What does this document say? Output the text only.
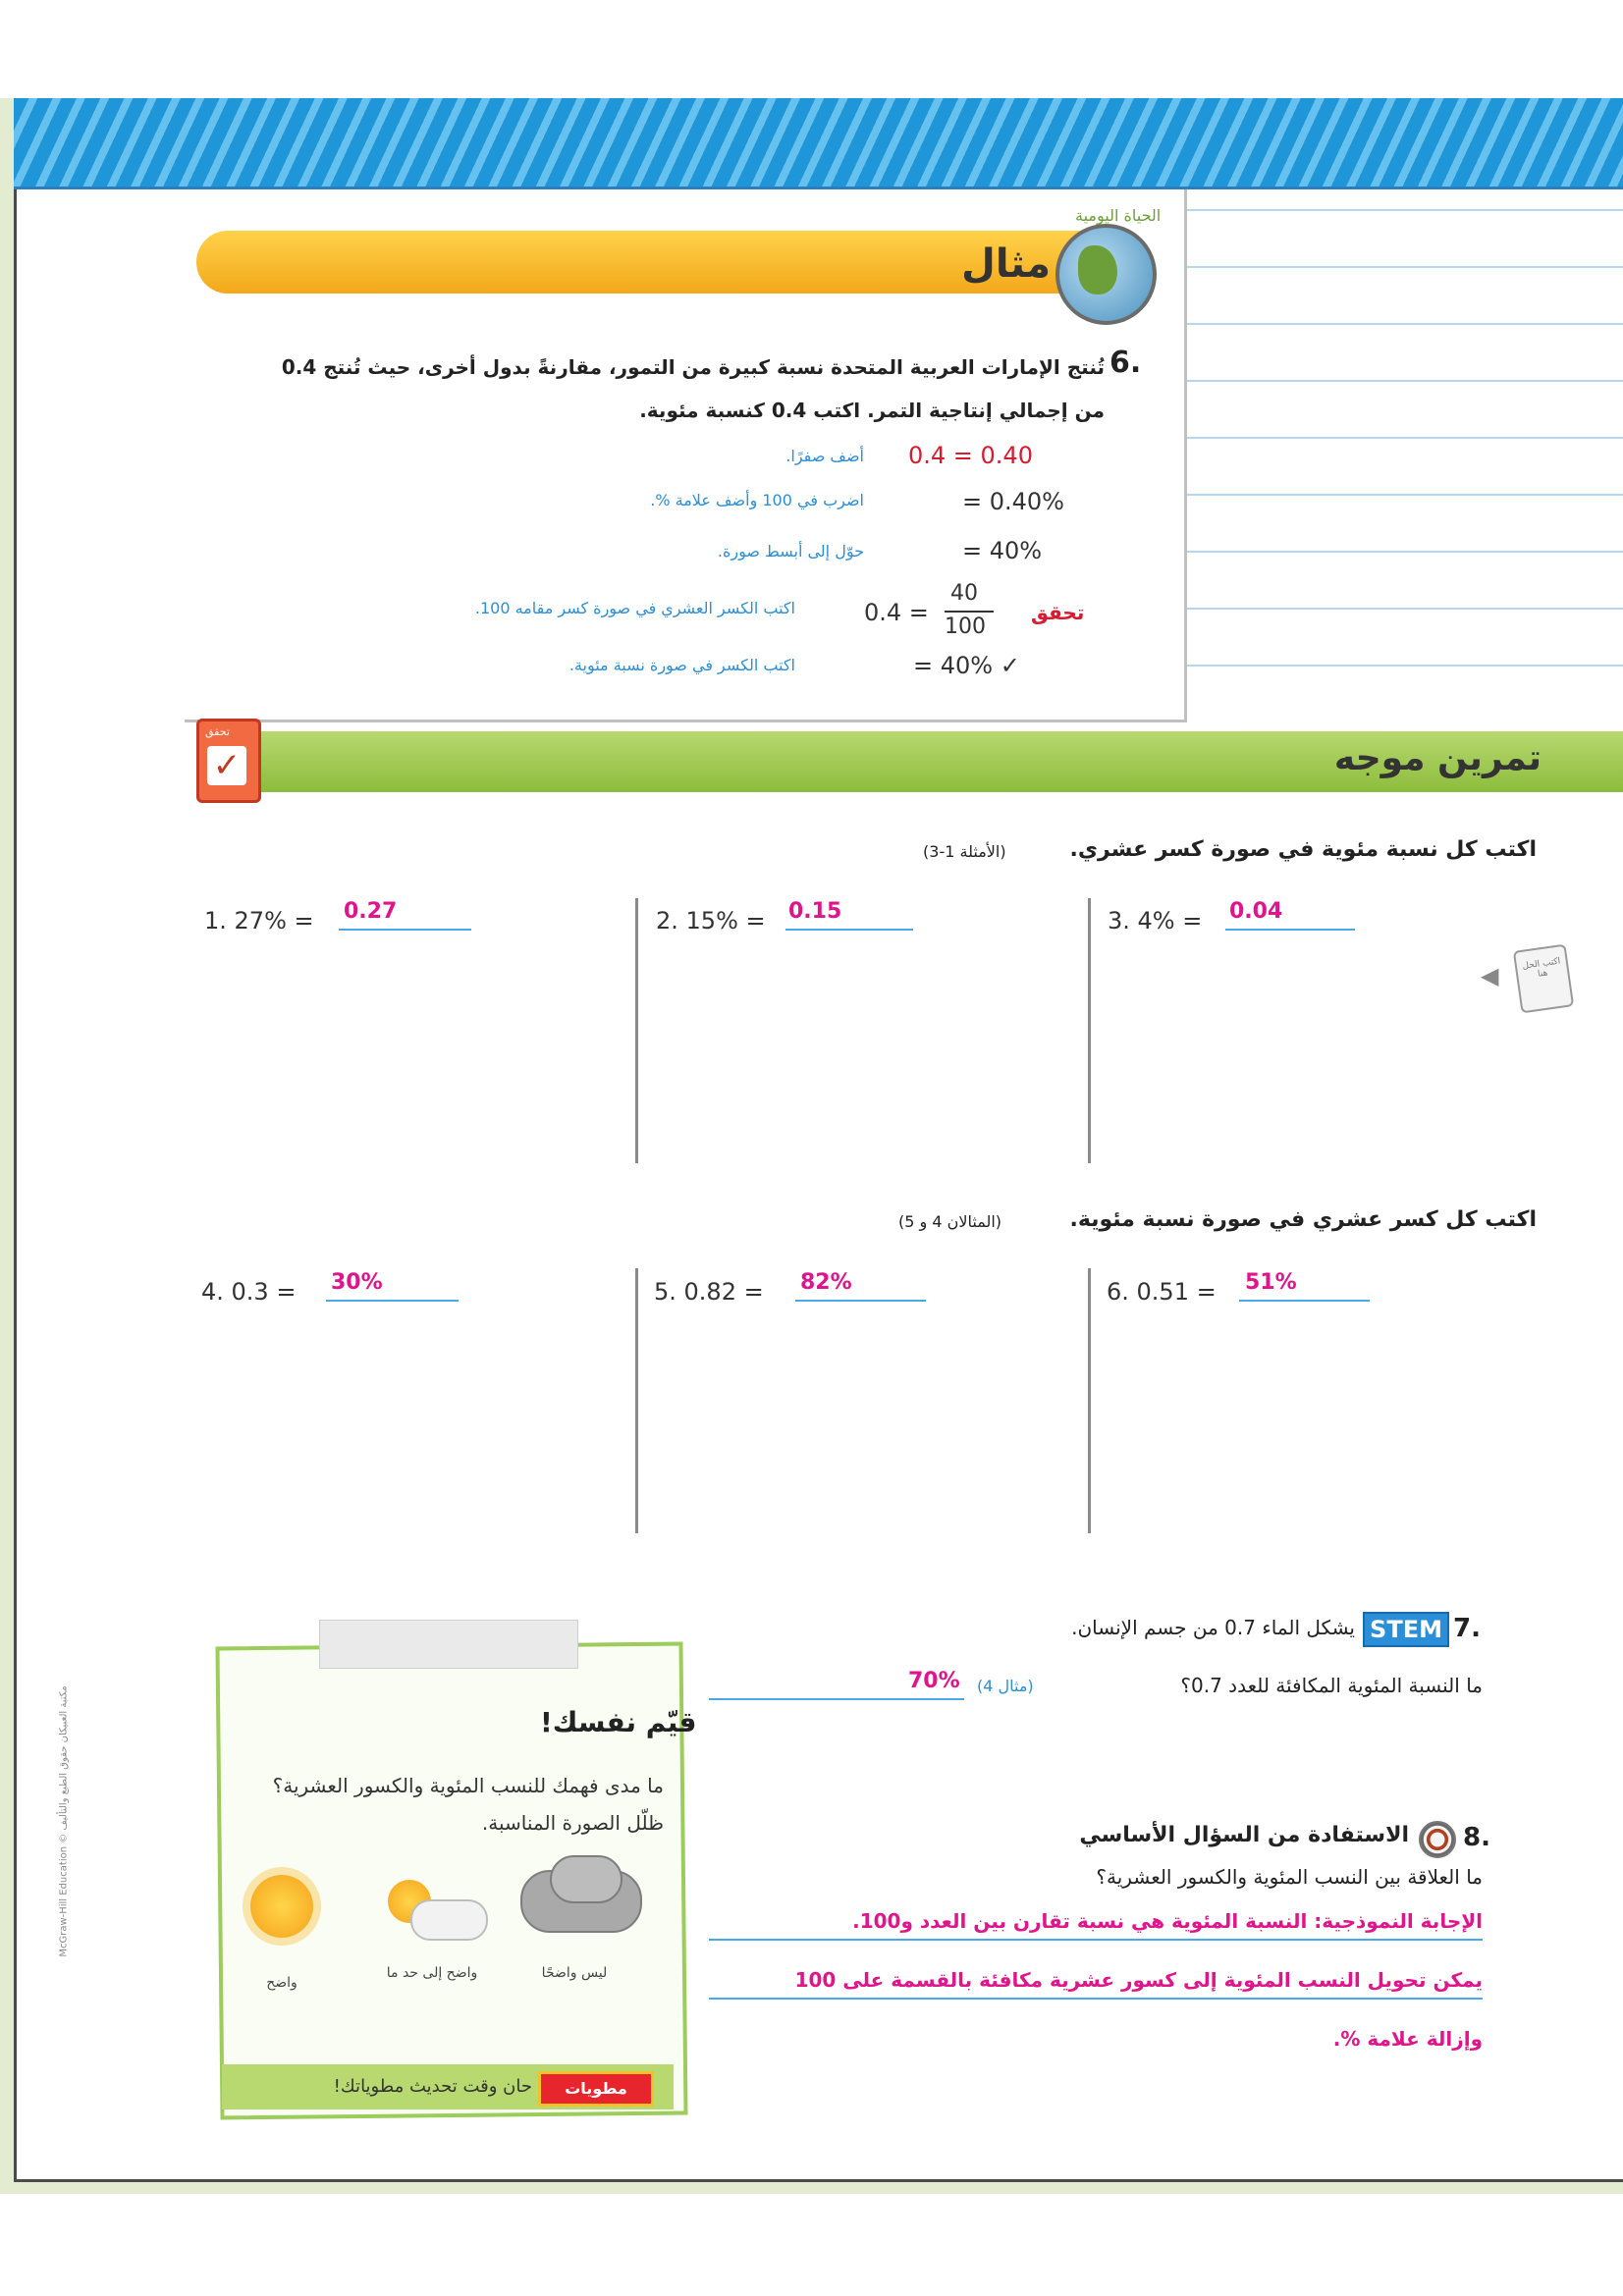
مثال
الحياة اليومية
6.
تُنتج الإمارات العربية المتحدة نسبة كبيرة من التمور، مقارنةً بدول أخرى، حيث تُنتج 0.4 من إجمالي إنتاجية التمر. اكتب 0.4 كنسبة مئوية.
0.4 = 0.40
أضف صفرًا.
= 0.40%
اضرب في 100 وأضف علامة %.
= 40%
حوّل إلى أبسط صورة.
تحقق
0.4 =
40
100
اكتب الكسر العشري في صورة كسر مقامه 100.
= 40% ✓
اكتب الكسر في صورة نسبة مئوية.
تمرين موجه
تحقق
✓
اكتب كل نسبة مئوية في صورة كسر عشري.
(الأمثلة 1-3)
1. 27% = 0.27	2. 15% = 0.15	3. 4% = 0.04
◀	اكتب الحل هنا
اكتب كل كسر عشري في صورة نسبة مئوية.
(المثالان 4 و 5)
4. 0.3 = 30%	5. 0.82 = 82%	6. 0.51 = 51%
7.
STEM
يشكل الماء 0.7 من جسم الإنسان.
ما النسبة المئوية المكافئة للعدد 0.7؟
(مثال 4)
70%
8.
الاستفادة من السؤال الأساسي
ما العلاقة بين النسب المئوية والكسور العشرية؟
الإجابة النموذجية: النسبة المئوية هي نسبة تقارن بين العدد و100.
يمكن تحويل النسب المئوية إلى كسور عشرية مكافئة بالقسمة على 100
وإزالة علامة %.
قيّم نفسك!
ما مدى فهمك للنسب المئوية والكسور العشرية؟ ظلّل الصورة المناسبة.
واضح
واضح إلى حد ما	ليس واضحًا
مطويات
حان وقت تحديث مطوياتك!
McGraw-Hill Education © مكتبة العبيكان حقوق الطبع والتأليف
